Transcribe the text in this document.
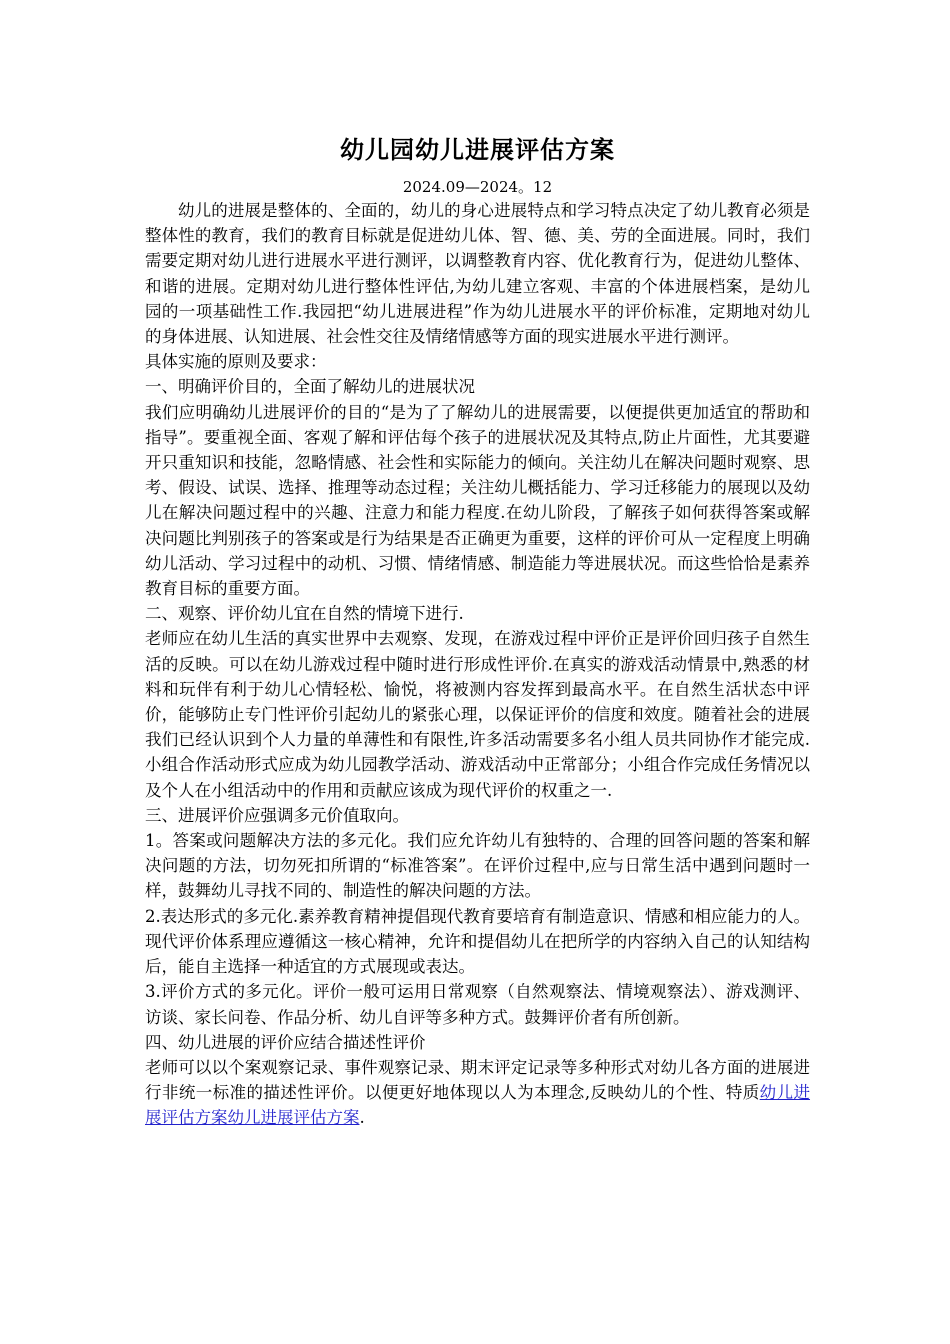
幼儿园幼儿进展评估方案
2024.09—2024。12

幼儿的进展是整体的、全面的，幼儿的身心进展特点和学习特点决定了幼儿教育必须是整体性的教育，我们的教育目标就是促进幼儿体、智、德、美、劳的全面进展。同时，我们需要定期对幼儿进行进展水平进行测评，以调整教育内容、优化教育行为，促进幼儿整体、和谐的进展。定期对幼儿进行整体性评估,为幼儿建立客观、丰富的个体进展档案，是幼儿园的一项基础性工作.我园把“幼儿进展进程”作为幼儿进展水平的评价标准，定期地对幼儿的身体进展、认知进展、社会性交往及情绪情感等方面的现实进展水平进行测评。

具体实施的原则及要求：

一、明确评价目的，全面了解幼儿的进展状况

我们应明确幼儿进展评价的目的“是为了了解幼儿的进展需要，以便提供更加适宜的帮助和指导”。要重视全面、客观了解和评估每个孩子的进展状况及其特点,防止片面性，尤其要避开只重知识和技能，忽略情感、社会性和实际能力的倾向。关注幼儿在解决问题时观察、思考、假设、试误、选择、推理等动态过程；关注幼儿概括能力、学习迁移能力的展现以及幼儿在解决问题过程中的兴趣、注意力和能力程度.在幼儿阶段，了解孩子如何获得答案或解决问题比判别孩子的答案或是行为结果是否正确更为重要，这样的评价可从一定程度上明确幼儿活动、学习过程中的动机、习惯、情绪情感、制造能力等进展状况。而这些恰恰是素养教育目标的重要方面。

二、观察、评价幼儿宜在自然的情境下进行.

老师应在幼儿生活的真实世界中去观察、发现，在游戏过程中评价正是评价回归孩子自然生活的反映。可以在幼儿游戏过程中随时进行形成性评价.在真实的游戏活动情景中,熟悉的材料和玩伴有利于幼儿心情轻松、愉悦，将被测内容发挥到最高水平。在自然生活状态中评价，能够防止专门性评价引起幼儿的紧张心理，以保证评价的信度和效度。随着社会的进展我们已经认识到个人力量的单薄性和有限性,许多活动需要多名小组人员共同协作才能完成.小组合作活动形式应成为幼儿园教学活动、游戏活动中正常部分；小组合作完成任务情况以及个人在小组活动中的作用和贡献应该成为现代评价的权重之一.

三、进展评价应强调多元价值取向。

1。答案或问题解决方法的多元化。我们应允许幼儿有独特的、合理的回答问题的答案和解决问题的方法，切勿死扣所谓的“标准答案”。在评价过程中,应与日常生活中遇到问题时一样，鼓舞幼儿寻找不同的、制造性的解决问题的方法。

2.表达形式的多元化.素养教育精神提倡现代教育要培育有制造意识、情感和相应能力的人。现代评价体系理应遵循这一核心精神，允许和提倡幼儿在把所学的内容纳入自己的认知结构后，能自主选择一种适宜的方式展现或表达。

3.评价方式的多元化。评价一般可运用日常观察（自然观察法、情境观察法）、游戏测评、访谈、家长问卷、作品分析、幼儿自评等多种方式。鼓舞评价者有所创新。

四、幼儿进展的评价应结合描述性评价

老师可以以个案观察记录、事件观察记录、期末评定记录等多种形式对幼儿各方面的进展进行非统一标准的描述性评价。以便更好地体现以人为本理念,反映幼儿的个性、特质幼儿进展评估方案幼儿进展评估方案.
